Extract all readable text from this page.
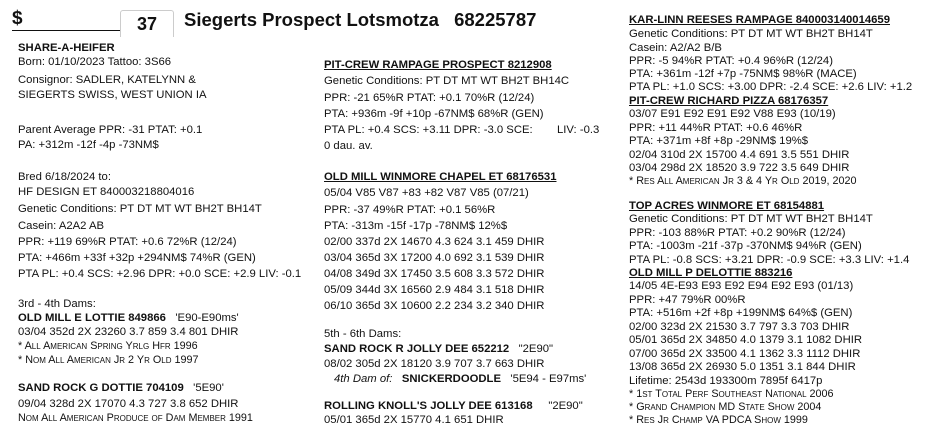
$	37	Siegerts Prospect Lotsmotza 68225787
SHARE-A-HEIFER
Born: 01/10/2023 Tattoo: 3S66
Consignor: SADLER, KATELYNN &
SIEGERTS SWISS, WEST UNION IA
Parent Average PPR: -31 PTAT: +0.1
PA: +312m -12f -4p -73NM$
Bred 6/18/2024 to:
HF DESIGN ET 840003218804016
Genetic Conditions: PT DT MT WT BH2T BH14T
Casein: A2A2 AB
PPR: +119 69%R PTAT: +0.6 72%R (12/24)
PTA: +466m +33f +32p +294NM$ 74%R (GEN)
PTA PL: +0.4 SCS: +2.96 DPR: +0.0 SCE: +2.9 LIV: -0.1
3rd - 4th Dams:
OLD MILL E LOTTIE 849866 'E90-E90ms'
03/04 352d 2X 23260 3.7 859 3.4 801 DHIR
* All American Spring Yrlg Hfr 1996
* Nom All American Jr 2 Yr Old 1997
SAND ROCK G DOTTIE 704109 '5E90'
09/04 328d 2X 17070 4.3 727 3.8 652 DHIR
Nom All American Produce of Dam Member 1991
PIT-CREW RAMPAGE PROSPECT 8212908
Genetic Conditions: PT DT MT WT BH2T BH14C
PPR: -21 65%R PTAT: +0.1 70%R (12/24)
PTA: +936m -9f +10p -67NM$ 68%R (GEN)
PTA PL: +0.4 SCS: +3.11 DPR: -3.0 SCE: LIV: -0.3
0 dau. av.
OLD MILL WINMORE CHAPEL ET 68176531
05/04 V85 V87 +83 +82 V87 V85 (07/21)
PPR: -37 49%R PTAT: +0.1 56%R
PTA: -313m -15f -17p -78NM$ 12%$
02/00 337d 2X 14670 4.3 624 3.1 459 DHIR
03/04 365d 3X 17200 4.0 692 3.1 539 DHIR
04/08 349d 3X 17450 3.5 608 3.3 572 DHIR
05/09 344d 3X 16560 2.9 484 3.1 518 DHIR
06/10 365d 3X 10600 2.2 234 3.2 340 DHIR
5th - 6th Dams:
SAND ROCK R JOLLY DEE 652212 "2E90"
08/02 305d 2X 18120 3.9 707 3.7 663 DHIR
4th Dam of: SNICKERDOODLE '5E94 - E97ms'
ROLLING KNOLL'S JOLLY DEE 613168 "2E90"
05/01 365d 2X 15770 4.1 651 DHIR
KAR-LINN REESES RAMPAGE 840003140014659
Genetic Conditions: PT DT MT WT BH2T BH14T
Casein: A2/A2 B/B
PPR: -5 94%R PTAT: +0.4 96%R (12/24)
PTA: +361m -12f +7p -75NM$ 98%R (MACE)
PTA PL: +1.0 SCS: +3.00 DPR: -2.4 SCE: +2.6 LIV: +1.2
PIT-CREW RICHARD PIZZA 68176357
03/07 E91 E92 E91 E92 V88 E93 (10/19)
PPR: +11 44%R PTAT: +0.6 46%R
PTA: +371m +8f +8p -29NM$ 19%$
02/04 310d 2X 15700 4.4 691 3.5 551 DHIR
03/04 298d 2X 18520 3.9 722 3.5 649 DHIR
* Res All American Jr 3 & 4 Yr Old 2019, 2020
TOP ACRES WINMORE ET 68154881
Genetic Conditions: PT DT MT WT BH2T BH14T
PPR: -103 88%R PTAT: +0.2 90%R (12/24)
PTA: -1003m -21f -37p -370NM$ 94%R (GEN)
PTA PL: -0.8 SCS: +3.21 DPR: -0.9 SCE: +3.3 LIV: +1.4
OLD MILL P DELOTTIE 883216
14/05 4E-E93 E93 E92 E94 E92 E93 (01/13)
PPR: +47 79%R 00%R
PTA: +516m +2f +8p +199NM$ 64%$ (GEN)
02/00 323d 2X 21530 3.7 797 3.3 703 DHIR
05/01 365d 2X 34850 4.0 1379 3.1 1082 DHIR
07/00 365d 2X 33500 4.1 1362 3.3 1112 DHIR
13/08 365d 2X 26930 5.0 1351 3.1 844 DHIR
Lifetime: 2543d 193300m 7895f 6417p
* 1st Total Perf Southeast National 2006
* Grand Champion MD State Show 2004
* Res Jr Champ VA PDCA Show 1999
